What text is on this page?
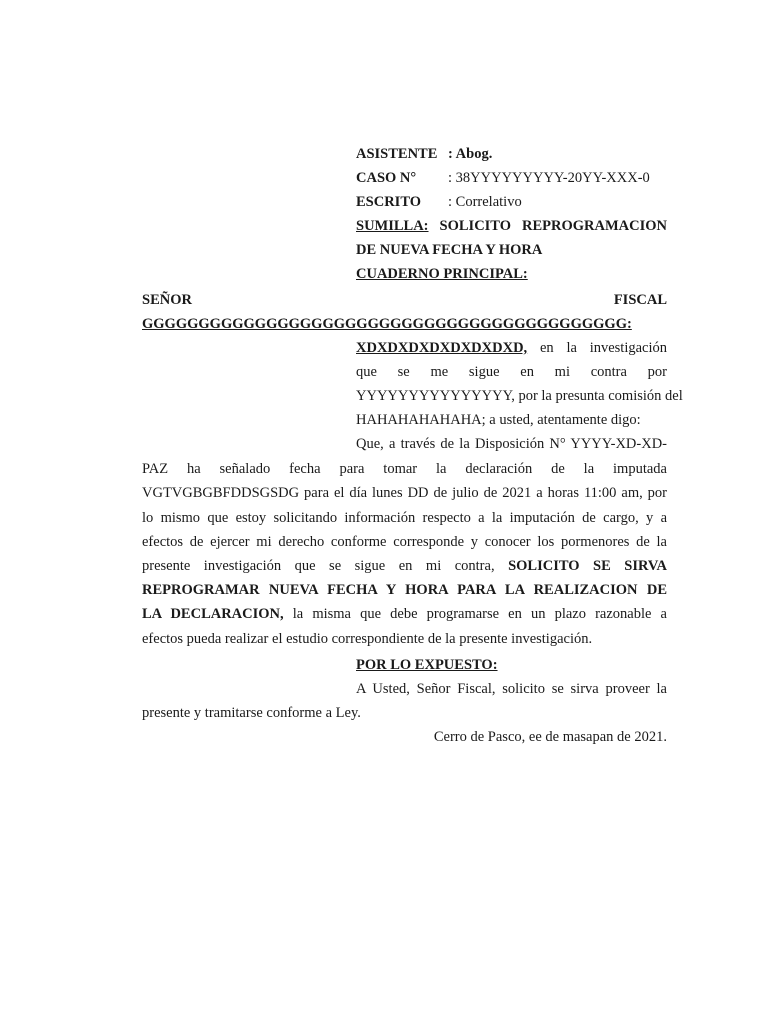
ASISTENTE : Abog.
CASO N° : 38YYYYYYYYY-20YY-XXX-0
ESCRITO : Correlativo
SUMILLA: SOLICITO REPROGRAMACION
DE NUEVA FECHA Y HORA
CUADERNO PRINCIPAL:
SEÑOR	FISCAL
GGGGGGGGGGGGGGGGGGGGGGGGGGGGGGGGGGGGGGGGGGG:
XDXDXDXDXDXDXDXD, en la investigación
que se me sigue en mi contra por
YYYYYYYYYYYYYYY, por la presunta comisión del
HAHAHAHAHAHA; a usted, atentamente digo:
Que, a través de la Disposición N° YYYY-XD-XD-
PAZ ha señalado fecha para tomar la declaración de la imputada
VGTVGBGBFDDSGSDG para el día lunes DD de julio de 2021 a horas 11:00 am, por
lo mismo que estoy solicitando información respecto a la imputación de cargo, y a
efectos de ejercer mi derecho conforme corresponde y conocer los pormenores de la
presente investigación que se sigue en mi contra, SOLICITO SE SIRVA
REPROGRAMAR NUEVA FECHA Y HORA PARA LA REALIZACION DE
LA DECLARACION, la misma que debe programarse en un plazo razonable a
efectos pueda realizar el estudio correspondiente de la presente investigación.
POR LO EXPUESTO:
A Usted, Señor Fiscal, solicito se sirva proveer la
presente y tramitarse conforme a Ley.
Cerro de Pasco, ee de masapan de 2021.
